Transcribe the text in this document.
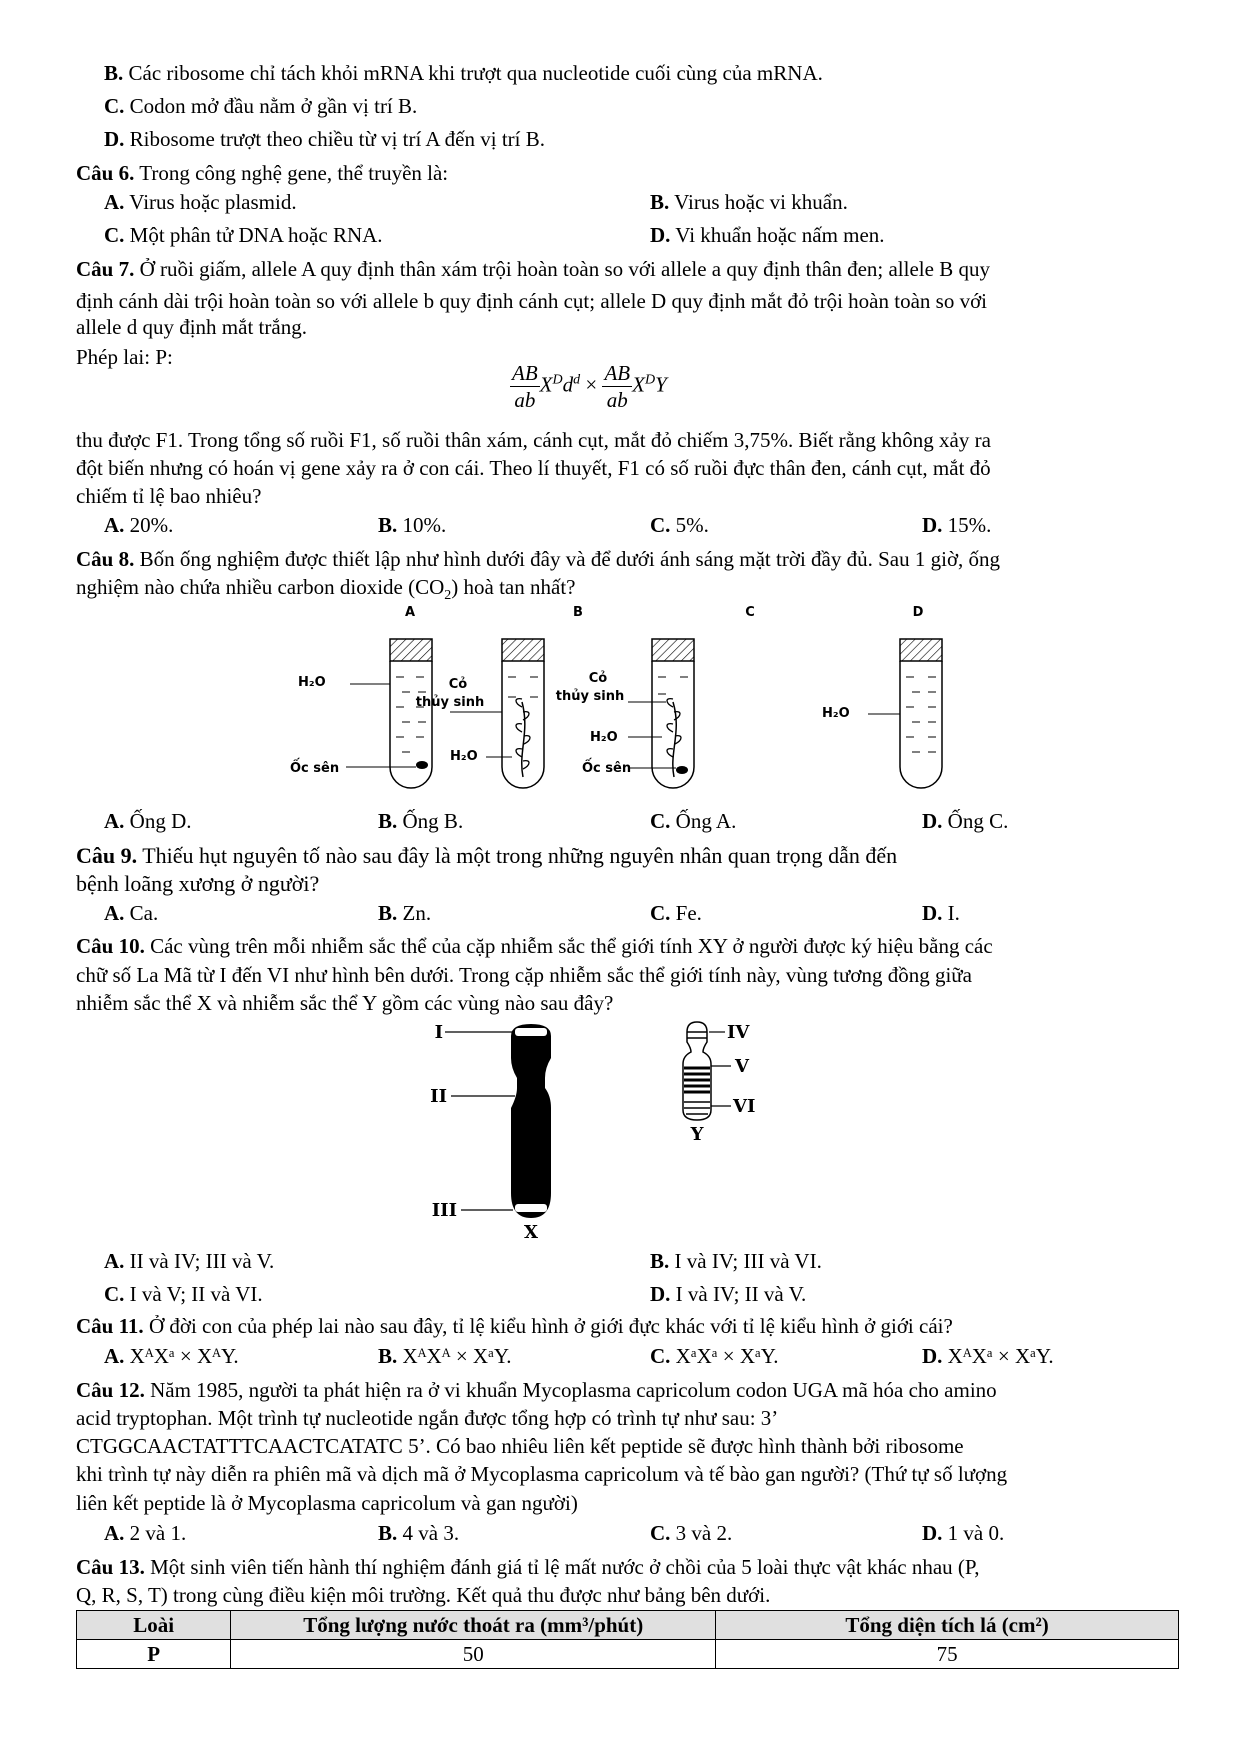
B. Các ribosome chỉ tách khỏi mRNA khi trượt qua nucleotide cuối cùng của mRNA.
C. Codon mở đầu nằm ở gần vị trí B.
D. Ribosome trượt theo chiều từ vị trí A đến vị trí B.
Câu 6. Trong công nghệ gene, thể truyền là:
A. Virus hoặc plasmid.	B. Virus hoặc vi khuẩn.
C. Một phân tử DNA hoặc RNA.	D. Vi khuẩn hoặc nấm men.
Câu 7. Ở ruồi giấm, allele A quy định thân xám trội hoàn toàn so với allele a quy định thân đen; allele B quy
định cánh dài trội hoàn toàn so với allele b quy định cánh cụt; allele D quy định mắt đỏ trội hoàn toàn so với
allele d quy định mắt trắng.
Phép lai: P:
$\frac{AB}{ab} X^Dd^d \times \frac{AB}{ab} X^DY$
thu được F1. Trong tổng số ruồi F1, số ruồi thân xám, cánh cụt, mắt đỏ chiếm 3,75%. Biết rằng không xảy ra
đột biến nhưng có hoán vị gene xảy ra ở con cái. Theo lí thuyết, F1 có số ruồi đực thân đen, cánh cụt, mắt đỏ
chiếm tỉ lệ bao nhiêu?
A. 20%.	B. 10%.	C. 5%.	D. 15%.
Câu 8. Bốn ống nghiệm được thiết lập như hình dưới đây và để dưới ánh sáng mặt trời đầy đủ. Sau 1 giờ, ống
nghiệm nào chứa nhiều carbon dioxide $(CO_2)$ hoà tan nhất?
A	B	C	D
H₂O
Ốc sên
Cỏ
thủy sinh
H₂O
Cỏ
thủy sinh
H₂O
Ốc sên
H₂O
A. Ống D.	B. Ống B.	C. Ống A.	D. Ống C.
Câu 9. Thiếu hụt nguyên tố nào sau đây là một trong những nguyên nhân quan trọng dẫn đến
bệnh loãng xương ở người?
A. Ca.	B. Zn.	C. Fe.	D. I.
Câu 10. Các vùng trên mỗi nhiễm sắc thể của cặp nhiễm sắc thể giới tính XY ở người được ký hiệu bằng các
chữ số La Mã từ I đến VI như hình bên dưới. Trong cặp nhiễm sắc thể giới tính này, vùng tương đồng giữa
nhiễm sắc thể X và nhiễm sắc thể Y gồm các vùng nào sau đây?
I
II
III
X
IV
V
VI
Y
A. II và IV; III và V.	B. I và IV; III và VI.
C. I và V; II và VI.	D. I và IV; II và V.
Câu 11. Ở đời con của phép lai nào sau đây, tỉ lệ kiểu hình ở giới đực khác với tỉ lệ kiểu hình ở giới cái?
A. XᴬXᵃ × XᴬY.	B. XᴬXᴬ × XᵃY.	C. XᵃXᵃ × XᵃY.	D. XᴬXᵃ × XᵃY.
Câu 12. Năm 1985, người ta phát hiện ra ở vi khuẩn Mycoplasma capricolum codon UGA mã hóa cho amino
acid tryptophan. Một trình tự nucleotide ngắn được tổng hợp có trình tự như sau: 3’
CTGGCAACTATTTCAACTCATATC 5’. Có bao nhiêu liên kết peptide sẽ được hình thành bởi ribosome
khi trình tự này diễn ra phiên mã và dịch mã ở Mycoplasma capricolum và tế bào gan người? (Thứ tự số lượng
liên kết peptide là ở Mycoplasma capricolum và gan người)
A. 2 và 1.	B. 4 và 3.	C. 3 và 2.	D. 1 và 0.
Câu 13. Một sinh viên tiến hành thí nghiệm đánh giá tỉ lệ mất nước ở chồi của 5 loài thực vật khác nhau (P,
Q, R, S, T) trong cùng điều kiện môi trường. Kết quả thu được như bảng bên dưới.
Loài	Tổng lượng nước thoát ra (mm³/phút)	Tổng diện tích lá (cm²)
P	50	75
